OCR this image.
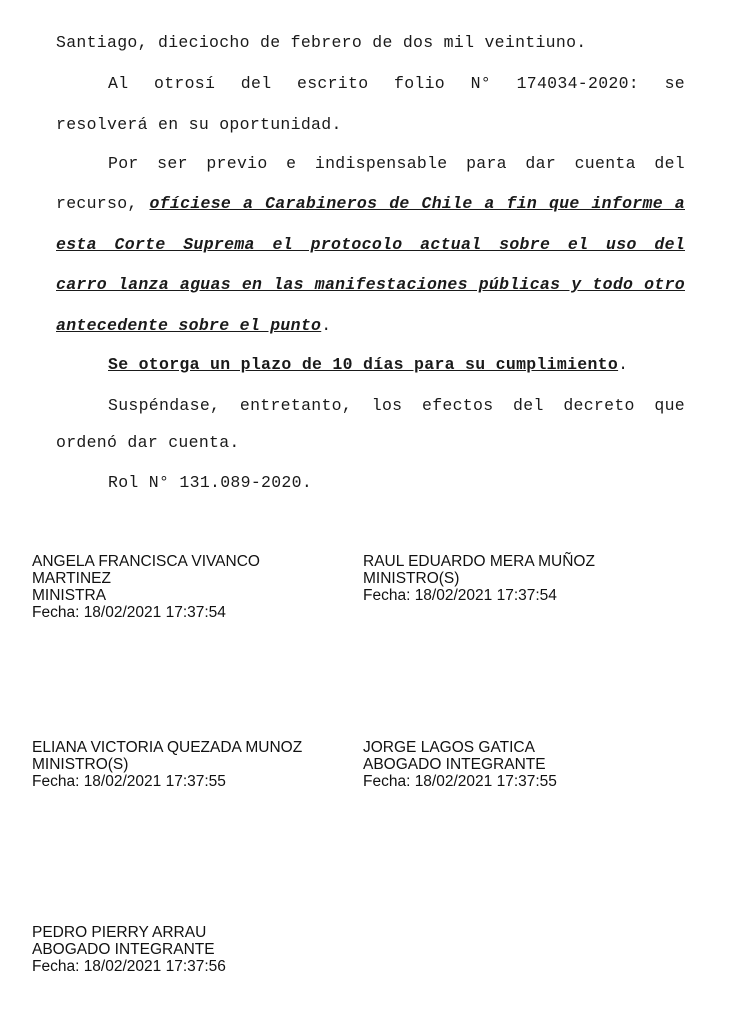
Santiago, dieciocho de febrero de dos mil veintiuno.
Al otrosí del escrito folio N° 174034-2020: se
resolverá en su oportunidad.
Por ser previo e indispensable para dar cuenta del
recurso, ofíciese a Carabineros de Chile a fin que informe a
esta Corte Suprema el protocolo actual sobre el uso del
carro lanza aguas en las manifestaciones públicas y todo otro
antecedente sobre el punto.
Se otorga un plazo de 10 días para su cumplimiento.
Suspéndase, entretanto, los efectos del decreto que
ordenó dar cuenta.
Rol N° 131.089-2020.
ANGELA FRANCISCA VIVANCO
MARTINEZ
MINISTRA
Fecha: 18/02/2021 17:37:54
RAUL EDUARDO MERA MUÑOZ
MINISTRO(S)
Fecha: 18/02/2021 17:37:54
ELIANA VICTORIA QUEZADA MUNOZ
MINISTRO(S)
Fecha: 18/02/2021 17:37:55
JORGE LAGOS GATICA
ABOGADO INTEGRANTE
Fecha: 18/02/2021 17:37:55
PEDRO PIERRY ARRAU
ABOGADO INTEGRANTE
Fecha: 18/02/2021 17:37:56
